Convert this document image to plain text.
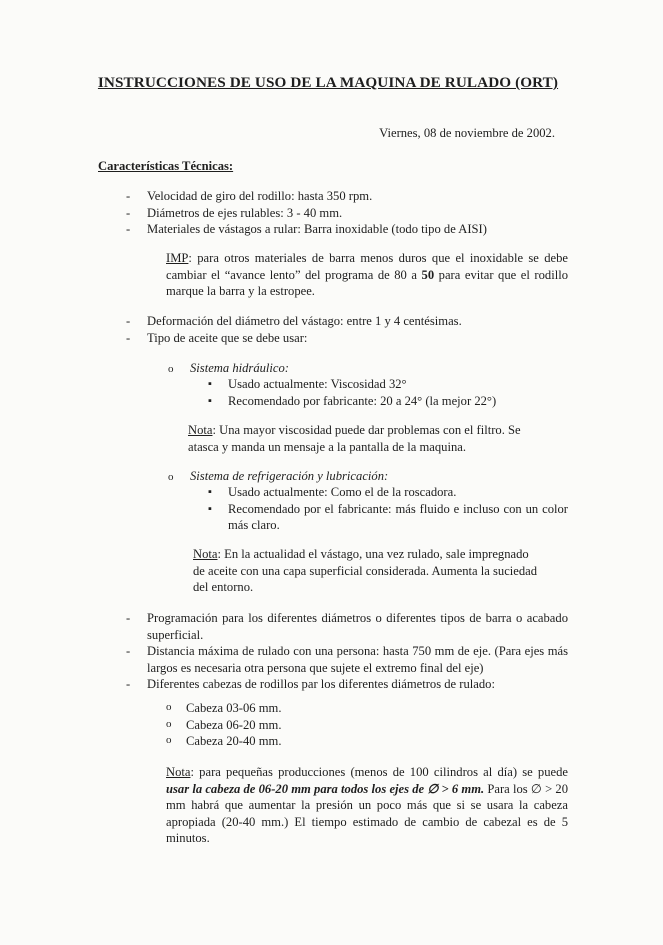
INSTRUCCIONES DE USO DE LA MAQUINA DE RULADO (ORT)
Viernes, 08 de noviembre de 2002.
Características Técnicas:
- Velocidad de giro del rodillo: hasta 350 rpm.
- Diámetros de ejes rulables: 3 - 40 mm.
- Materiales de vástagos a rular: Barra inoxidable (todo tipo de AISI)

IMP: para otros materiales de barra menos duros que el inoxidable se debe cambiar el “avance lento” del programa de 80 a 50 para evitar que el rodillo marque la barra y la estropee.

- Deformación del diámetro del vástago: entre 1 y 4 centésimas.
- Tipo de aceite que se debe usar:
o Sistema hidráulico:
▪ Usado actualmente: Viscosidad 32°
▪ Recomendado por fabricante: 20 a 24° (la mejor 22°)

Nota: Una mayor viscosidad puede dar problemas con el filtro. Se atasca y manda un mensaje a la pantalla de la maquina.

o Sistema de refrigeración y lubricación:
▪ Usado actualmente: Como el de la roscadora.
▪ Recomendado por el fabricante: más fluido e incluso con un color más claro.

Nota: En la actualidad el vástago, una vez rulado, sale impregnado de aceite con una capa superficial considerada. Aumenta la suciedad del entorno.

- Programación para los diferentes diámetros o diferentes tipos de barra o acabado superficial.
- Distancia máxima de rulado con una persona: hasta 750 mm de eje. (Para ejes más largos es necesaria otra persona que sujete el extremo final del eje)
- Diferentes cabezas de rodillos par los diferentes diámetros de rulado:
o Cabeza 03-06 mm.
o Cabeza 06-20 mm.
o Cabeza 20-40 mm.

Nota: para pequeñas producciones (menos de 100 cilindros al día) se puede usar la cabeza de 06-20 mm para todos los ejes de ∅ > 6 mm. Para los ∅ > 20 mm habrá que aumentar la presión un poco más que si se usara la cabeza apropiada (20-40 mm.) El tiempo estimado de cambio de cabezal es de 5 minutos.
